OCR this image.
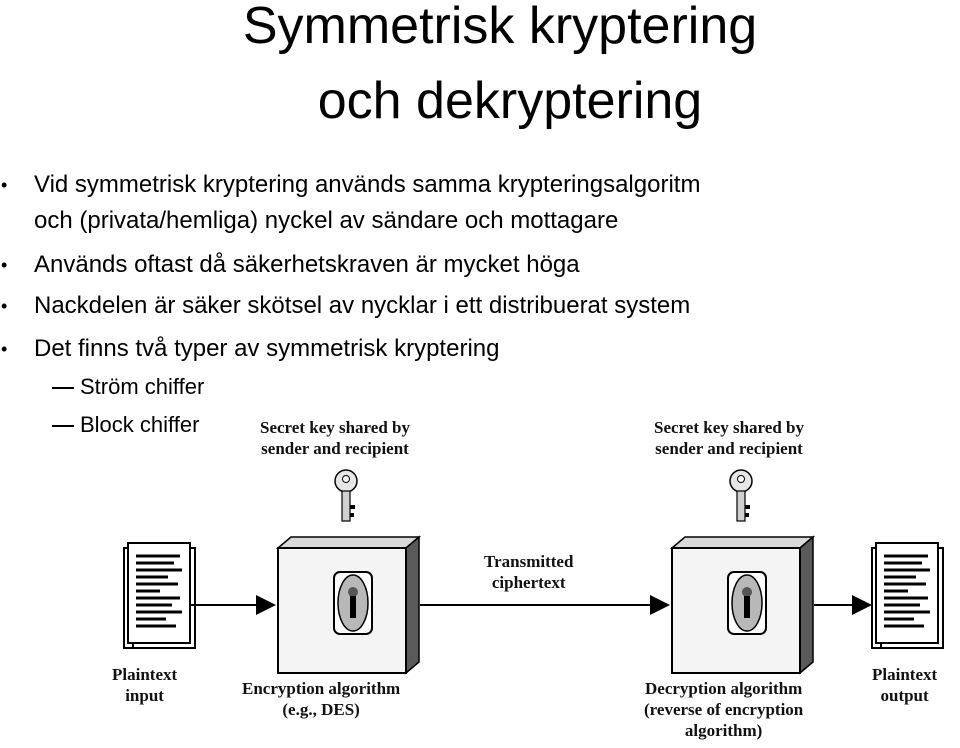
Symmetrisk kryptering
och dekryptering
• Vid symmetrisk kryptering används samma krypteringsalgoritm
och (privata/hemliga) nyckel av sändare och mottagare
• Används oftast då säkerhetskraven är mycket höga
• Nackdelen är säker skötsel av nycklar i ett distribuerat system
• Det finns två typer av symmetrisk kryptering
Ström chiffer
Block chiffer	Secret key shared by
sender and recipient
Secret key shared by
sender and recipient
Transmitted
ciphertext
Plaintext
input	Encryption algorithm
(e.g., DES)
Decryption algorithm
(reverse of encryption
algorithm)
Plaintext
output
